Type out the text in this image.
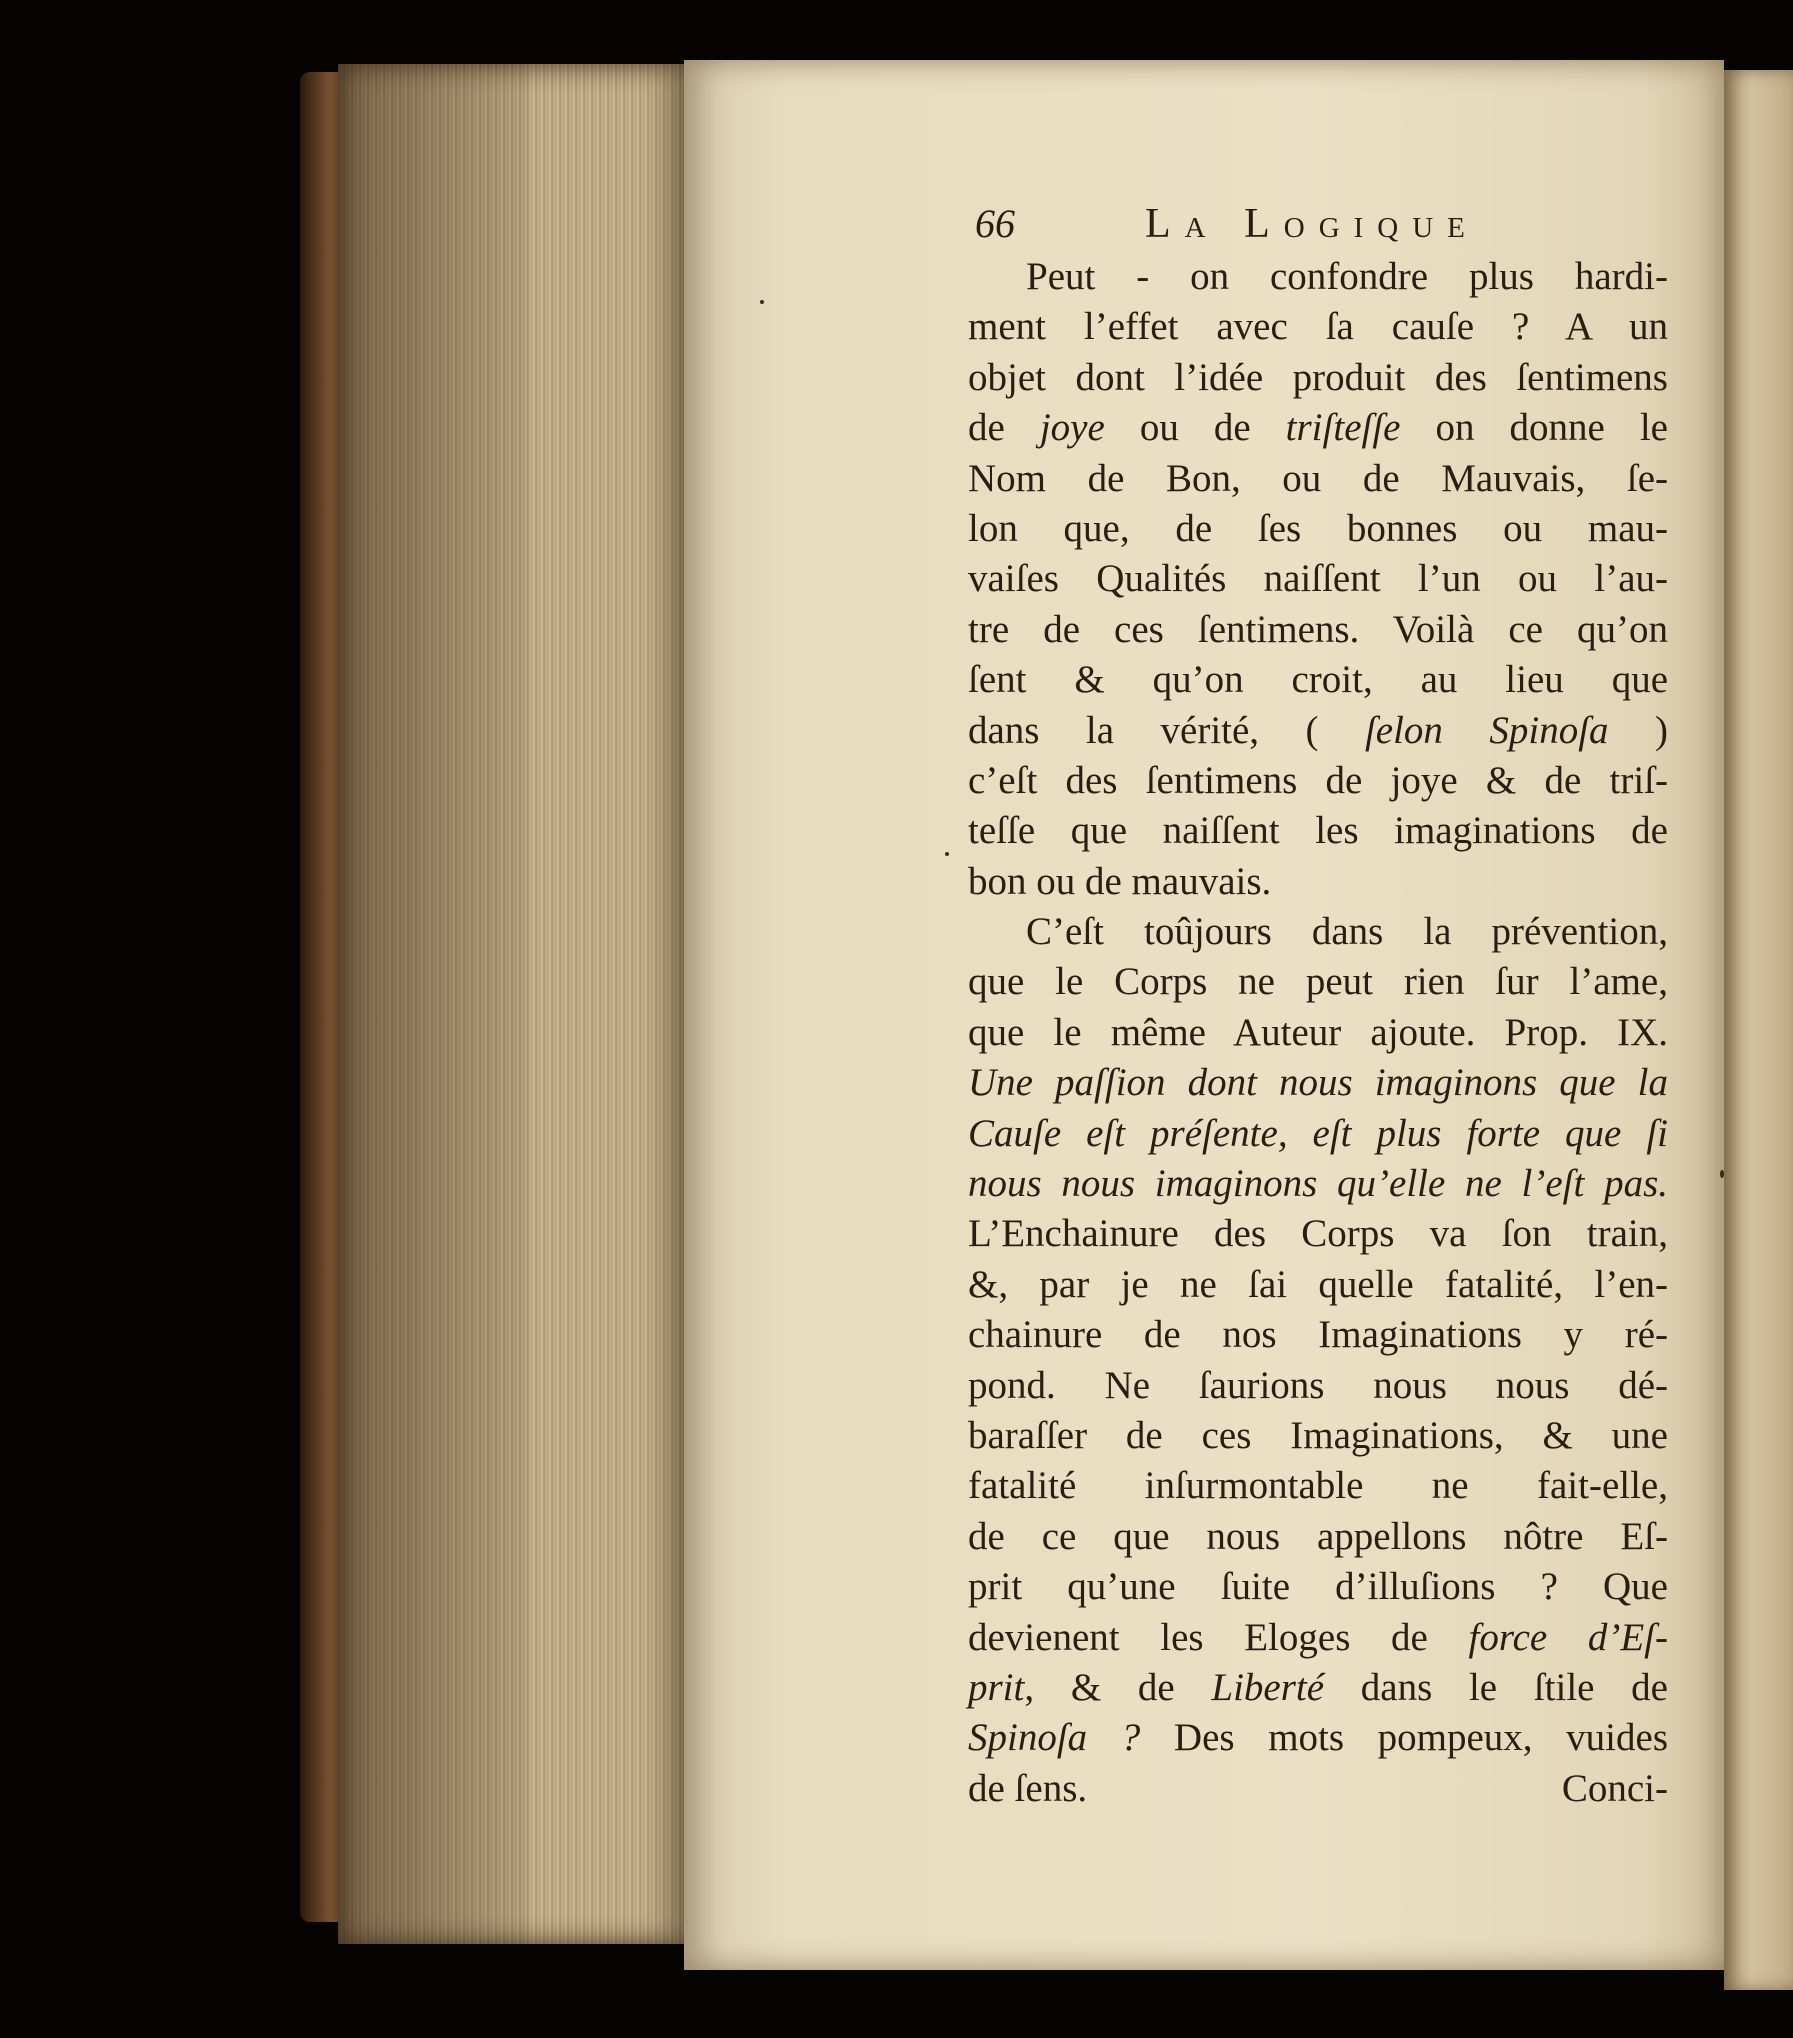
66	La Logique
Peut - on confondre plus hardi-
ment l’effet avec ſa cauſe ? A un
objet dont l’idée produit des ſentimens
de joye ou de triſteſſe on donne le
Nom de Bon, ou de Mauvais, ſe-
lon que, de ſes bonnes ou mau-
vaiſes Qualités naiſſent l’un ou l’au-
tre de ces ſentimens. Voilà ce qu’on
ſent & qu’on croit, au lieu que
dans la vérité, ( ſelon Spinoſa )
c’eſt des ſentimens de joye & de triſ-
teſſe que naiſſent les imaginations de
bon ou de mauvais.
C’eſt toûjours dans la prévention,
que le Corps ne peut rien ſur l’ame,
que le même Auteur ajoute. Prop. IX.
Une paſſion dont nous imaginons que la
Cauſe eſt préſente, eſt plus forte que ſi
nous nous imaginons qu’elle ne l’eſt pas.
L’Enchainure des Corps va ſon train,
&, par je ne ſai quelle fatalité, l’en-
chainure de nos Imaginations y ré-
pond. Ne ſaurions nous nous dé-
baraſſer de ces Imaginations, & une
fatalité inſurmontable ne fait-elle,
de ce que nous appellons nôtre Eſ-
prit qu’une ſuite d’illuſions ? Que
devienent les Eloges de force d’Eſ-
prit, & de Liberté dans le ſtile de
Spinoſa ? Des mots pompeux, vuides
de ſens.	Conci-
